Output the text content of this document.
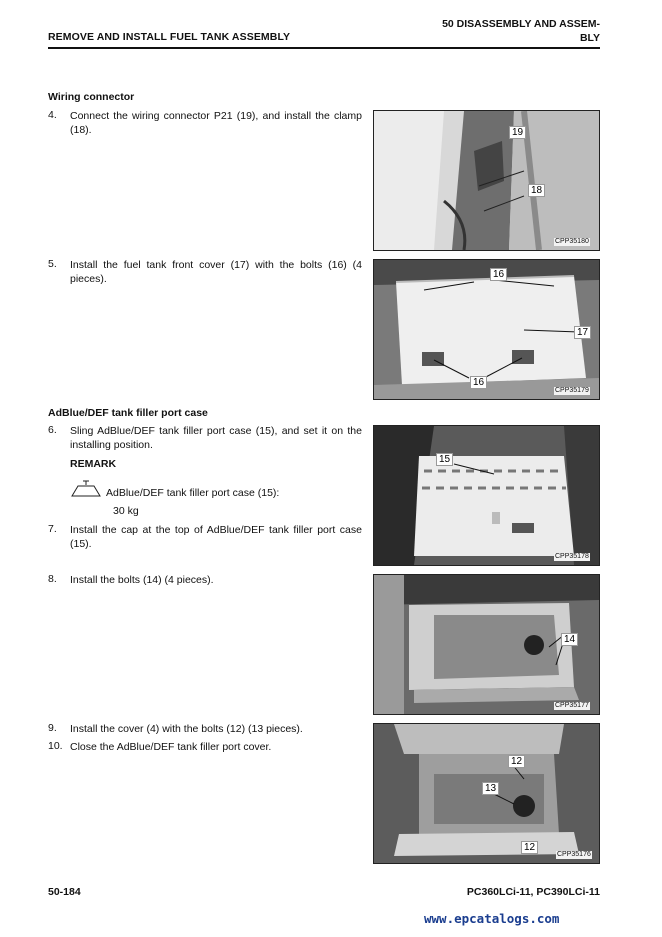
REMOVE AND INSTALL FUEL TANK ASSEMBLY
50 DISASSEMBLY AND ASSEM-
BLY
Wiring connector
4.	Connect the wiring connector P21 (19), and install the clamp (18).
5.	Install the fuel tank front cover (17) with the bolts (16) (4 pieces).
AdBlue/DEF tank filler port case
6.	Sling AdBlue/DEF tank filler port case (15), and set it on the installing position.
REMARK
AdBlue/DEF tank filler port case (15):
30 kg
7.	Install the cap at the top of AdBlue/DEF tank filler port case (15).
8.	Install the bolts (14) (4 pieces).
9.	Install the cover (4) with the bolts (12) (13 pieces).
10. Close the AdBlue/DEF tank filler port cover.
19
18
CPP35180
16
17
16
CPP35179
15
CPP35178
14
CPP35177
12
13
12
CPP35176
50-184	PC360LCi-11, PC390LCi-11
www.epcatalogs.com
